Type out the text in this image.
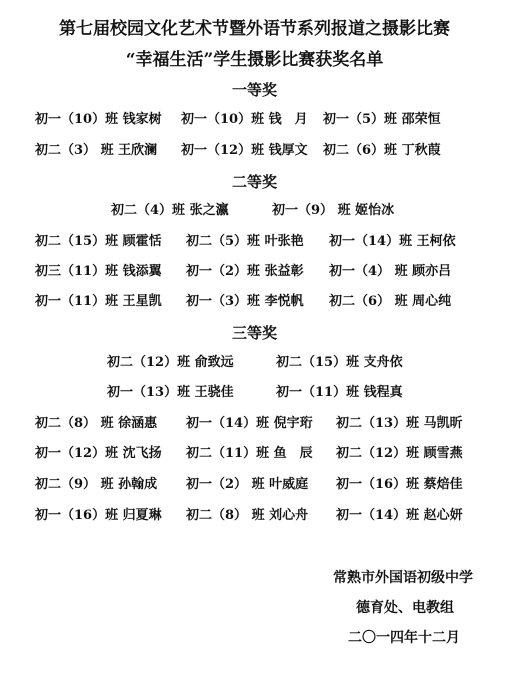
第七届校园文化艺术节暨外语节系列报道之摄影比赛
“幸福生活”学生摄影比赛获奖名单
一等奖
初一（10）班 钱家树 初一（10）班 钱　月 初一（5）班 邵荣恒
初二（3） 班 王欣澜 初一（12）班 钱厚文 初二（6）班 丁秋葭
二等奖
初二（4）班 张之瀛	初一（9） 班 姬怡冰
初二（15）班 顾霍恬 初二（5）班 叶张艳 初一（14）班 王柯依
初三（11）班 钱添翼 初一（2）班 张益彰 初一（4） 班 顾亦吕
初一（11）班 王星凯 初一（3）班 李悦帆 初二（6） 班 周心纯
三等奖
初二（12）班 俞致远	初二（15）班 支舟依
初一（13）班 王骁佳	初一（11）班 钱程真
初二（8） 班 徐涵惠 初一（14）班 倪宇珩 初二（13）班 马凯昕
初一（12）班 沈飞扬 初二（11）班 鱼　辰 初二（12）班 顾雪燕
初二（9） 班 孙翰成 初一（2） 班 叶威庭 初一（16）班 蔡焙佳
初一（16）班 归夏琳 初二（8） 班 刘心舟 初一（14）班 赵心妍
常熟市外国语初级中学
德育处、电教组
二〇一四年十二月
